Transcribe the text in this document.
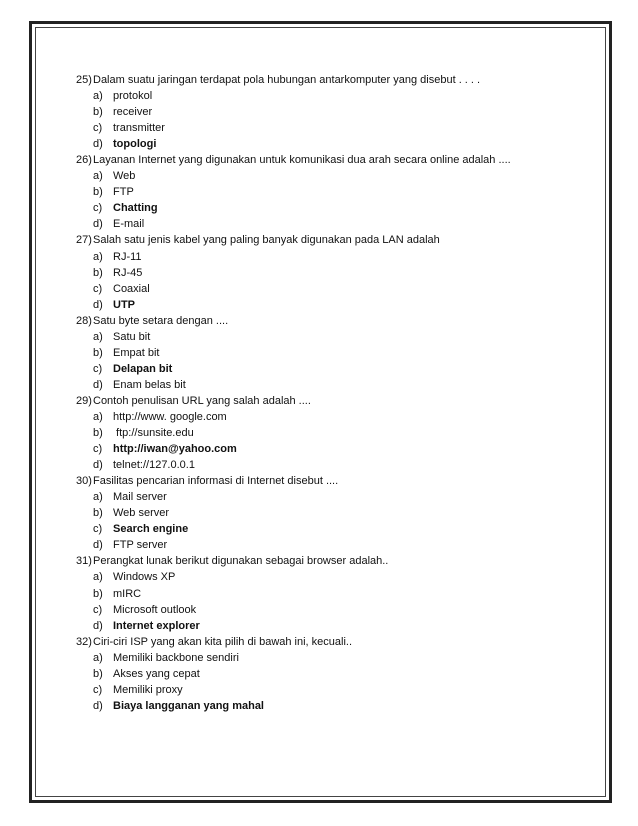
25)Dalam suatu jaringan terdapat pola hubungan antarkomputer yang disebut . . . .
a) protokol
b) receiver
c) transmitter
d) topologi
26)Layanan Internet yang digunakan untuk komunikasi dua arah secara online adalah ....
a) Web
b) FTP
c) Chatting
d) E-mail
27)Salah satu jenis kabel yang paling banyak digunakan pada LAN adalah
a) RJ-11
b) RJ-45
c) Coaxial
d) UTP
28)Satu byte setara dengan ....
a) Satu bit
b) Empat bit
c) Delapan bit
d) Enam belas bit
29)Contoh penulisan URL yang salah adalah ....
a) http://www. google.com
b) ftp://sunsite.edu
c) http://iwan@yahoo.com
d) telnet://127.0.0.1
30)Fasilitas pencarian informasi di Internet disebut ....
a) Mail server
b) Web server
c) Search engine
d) FTP server
31)Perangkat lunak berikut digunakan sebagai browser adalah..
a) Windows XP
b) mIRC
c) Microsoft outlook
d) Internet explorer
32)Ciri-ciri ISP yang akan kita pilih di bawah ini, kecuali..
a) Memiliki backbone sendiri
b) Akses yang cepat
c) Memiliki proxy
d) Biaya langganan yang mahal
